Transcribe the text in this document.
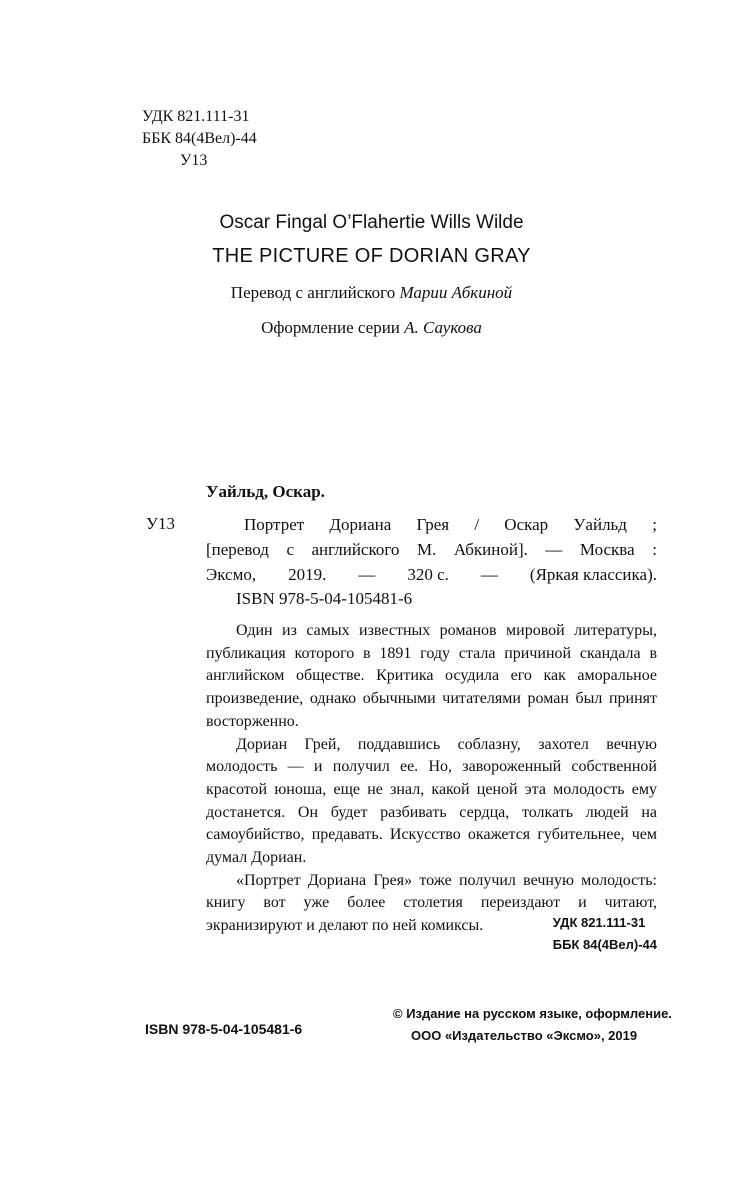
УДК 821.111-31
ББК 84(4Вел)-44
У13
Oscar Fingal O’Flahertie Wills Wilde
THE PICTURE OF DORIAN GRAY
Перевод с английского Марии Абкиной
Оформление серии А. Саукова
Уайльд, Оскар.
У13	Портрет Дориана Грея / Оскар Уайльд ;
[перевод с английского М. Абкиной]. — Москва :
Эксмо, 2019. — 320 с. — (Яркая классика).
ISBN 978-5-04-105481-6

Один из самых известных романов мировой литературы, публикация которого в 1891 году стала причиной скандала в английском обществе. Критика осудила его как аморальное произведение, однако обычными читателями роман был принят восторженно.

Дориан Грей, поддавшись соблазну, захотел вечную молодость — и получил ее. Но, завороженный собственной красотой юноша, еще не знал, какой ценой эта молодость ему достанется. Он будет разбивать сердца, толкать людей на самоубийство, предавать. Искусство окажется губительнее, чем думал Дориан.

«Портрет Дориана Грея» тоже получил вечную молодость: книгу вот уже более столетия переиздают и читают, экранизируют и делают по ней комиксы.	УДК 821.111-31
ББК 84(4Вел)-44
ISBN 978-5-04-105481-6
© Издание на русском языке, оформление.
ООО «Издательство «Эксмо», 2019
